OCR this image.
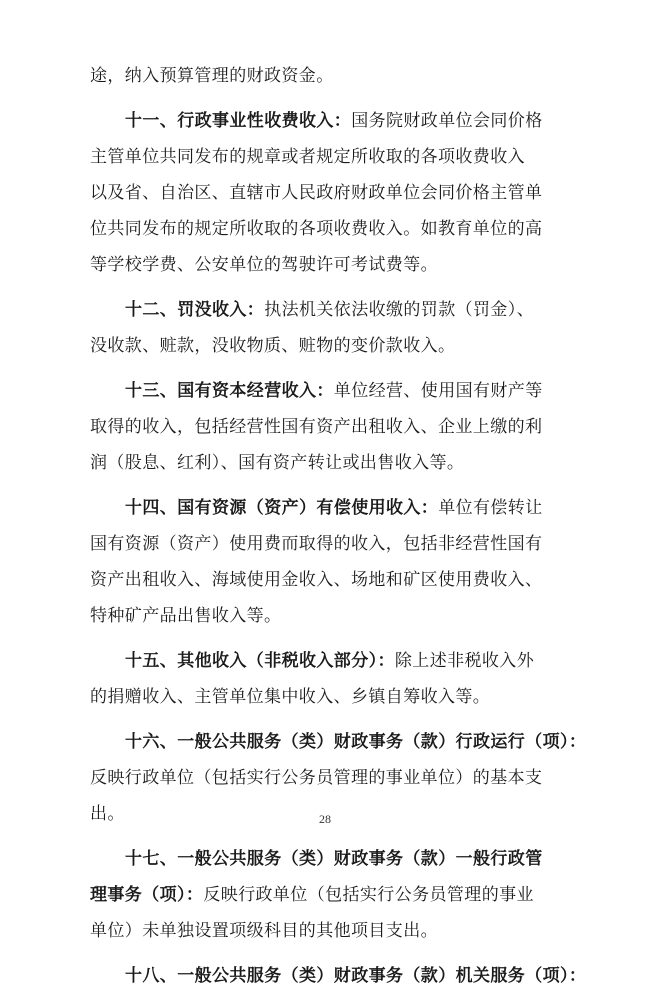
途，纳入预算管理的财政资金。
十一、行政事业性收费收入：国务院财政单位会同价格
主管单位共同发布的规章或者规定所收取的各项收费收入
以及省、自治区、直辖市人民政府财政单位会同价格主管单
位共同发布的规定所收取的各项收费收入。如教育单位的高
等学校学费、公安单位的驾驶许可考试费等。
十二、罚没收入：执法机关依法收缴的罚款（罚金）、
没收款、赃款，没收物质、赃物的变价款收入。
十三、国有资本经营收入：单位经营、使用国有财产等
取得的收入，包括经营性国有资产出租收入、企业上缴的利
润（股息、红利）、国有资产转让或出售收入等。
十四、国有资源（资产）有偿使用收入：单位有偿转让
国有资源（资产）使用费而取得的收入，包括非经营性国有
资产出租收入、海域使用金收入、场地和矿区使用费收入、
特种矿产品出售收入等。
十五、其他收入（非税收入部分）：除上述非税收入外
的捐赠收入、主管单位集中收入、乡镇自筹收入等。
十六、一般公共服务（类）财政事务（款）行政运行（项）：
反映行政单位（包括实行公务员管理的事业单位）的基本支
出。
十七、一般公共服务（类）财政事务（款）一般行政管
理事务（项）：反映行政单位（包括实行公务员管理的事业
单位）未单独设置项级科目的其他项目支出。
十八、一般公共服务（类）财政事务（款）机关服务（项）：
28
